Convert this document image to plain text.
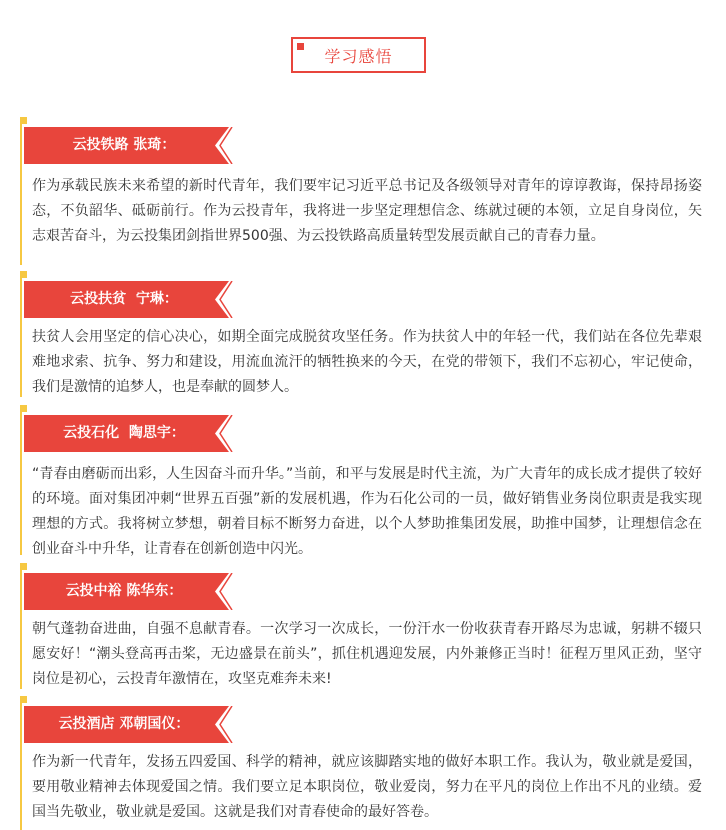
学习感悟
云投铁路 张琦：
作为承载民族未来希望的新时代青年，我们要牢记习近平总书记及各级领导对青年的谆谆教诲，保持昂扬姿态，不负韶华、砥砺前行。作为云投青年，我将进一步坚定理想信念、练就过硬的本领，立足自身岗位，矢志艰苦奋斗，为云投集团剑指世界500强、为云投铁路高质量转型发展贡献自己的青春力量。
云投扶贫  宁琳：
扶贫人会用坚定的信心决心，如期全面完成脱贫攻坚任务。作为扶贫人中的年轻一代，我们站在各位先辈艰难地求索、抗争、努力和建设，用流血流汗的牺牲换来的今天，在党的带领下，我们不忘初心，牢记使命，我们是激情的追梦人，也是奉献的圆梦人。
云投石化  陶思宇：
“青春由磨砺而出彩，人生因奋斗而升华。”当前，和平与发展是时代主流，为广大青年的成长成才提供了较好的环境。面对集团冲刺“世界五百强”新的发展机遇，作为石化公司的一员，做好销售业务岗位职责是我实现理想的方式。我将树立梦想，朝着目标不断努力奋进，以个人梦助推集团发展，助推中国梦，让理想信念在创业奋斗中升华，让青春在创新创造中闪光。
云投中裕 陈华东：
朝气蓬勃奋进曲，自强不息献青春。一次学习一次成长，一份汗水一份收获青春开路尽为忠诚，躬耕不辍只愿安好！“潮头登高再击桨，无边盛景在前头”，抓住机遇迎发展，内外兼修正当时！征程万里风正劲，坚守岗位是初心，云投青年激情在，攻坚克难奔未来!
云投酒店 邓朝国仪：
作为新一代青年，发扬五四爱国、科学的精神，就应该脚踏实地的做好本职工作。我认为，敬业就是爱国，要用敬业精神去体现爱国之情。我们要立足本职岗位，敬业爱岗，努力在平凡的岗位上作出不凡的业绩。爱国当先敬业，敬业就是爱国。这就是我们对青春使命的最好答卷。
